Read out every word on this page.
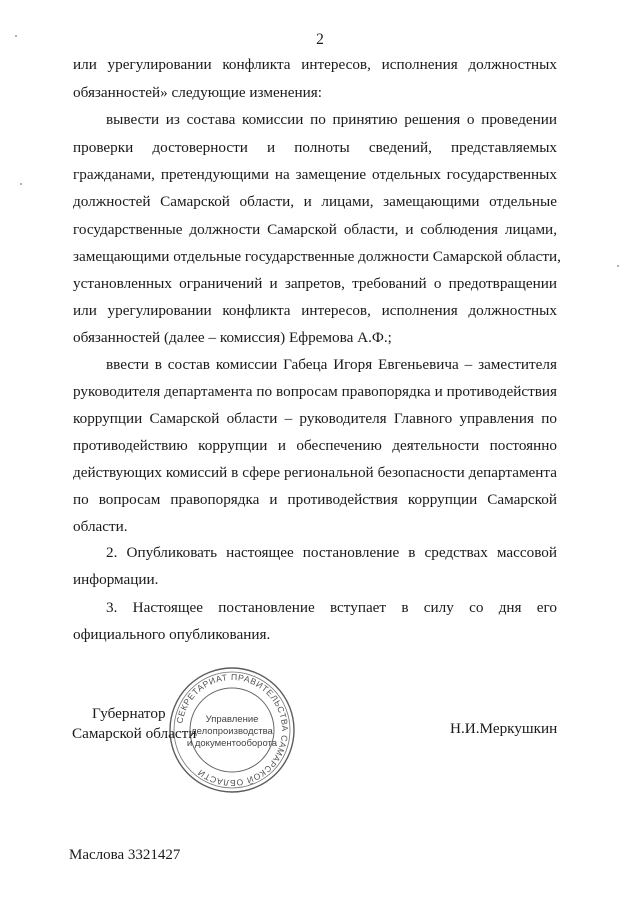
2
или урегулировании конфликта интересов, исполнения должностных
обязанностей» следующие изменения:
вывести из состава комиссии по принятию решения о проведении
проверки достоверности и полноты сведений, представляемых
гражданами, претендующими на замещение отдельных государственных
должностей Самарской области, и лицами, замещающими отдельные
государственные должности Самарской области, и соблюдения лицами,
замещающими отдельные государственные должности Самарской области,
установленных ограничений и запретов, требований о предотвращении
или урегулировании конфликта интересов, исполнения должностных
обязанностей (далее – комиссия) Ефремова А.Ф.;
ввести в состав комиссии Габеца Игоря Евгеньевича – заместителя
руководителя департамента по вопросам правопорядка и противодействия
коррупции Самарской области – руководителя Главного управления по
противодействию коррупции и обеспечению деятельности постоянно
действующих комиссий в сфере региональной безопасности департамента
по вопросам правопорядка и противодействия коррупции Самарской
области.
2. Опубликовать настоящее постановление в средствах массовой
информации.
3. Настоящее постановление вступает в силу со дня его
официального опубликования.
Губернатор
Самарской области	Н.И.Меркушкин
СЕКРЕТАРИАТ ПРАВИТЕЛЬСТВА САМАРСКОЙ ОБЛАСТИ
Управление
делопроизводства
и документооборота
Маслова 3321427
